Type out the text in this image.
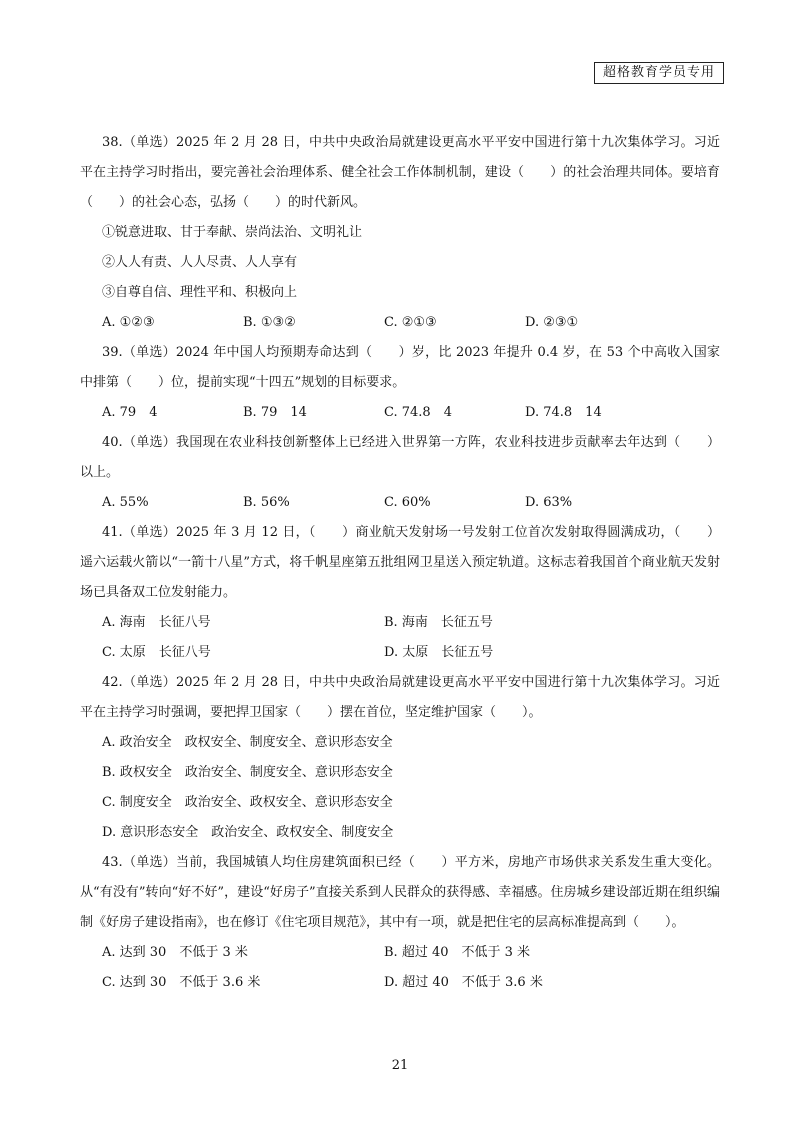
超格教育学员专用

38.（单选）2025 年 2 月 28 日，中共中央政治局就建设更高水平平安中国进行第十九次集体学习。习近平在主持学习时指出，要完善社会治理体系、健全社会工作体制机制，建设（　　）的社会治理共同体。要培育（　　）的社会心态，弘扬（　　）的时代新风。

①锐意进取、甘于奉献、崇尚法治、文明礼让

②人人有责、人人尽责、人人享有

③自尊自信、理性平和、积极向上

A. ①②③	B. ①③②	C. ②①③	D. ②③①

39.（单选）2024 年中国人均预期寿命达到（　　）岁，比 2023 年提升 0.4 岁，在 53 个中高收入国家中排第（　　）位，提前实现“十四五”规划的目标要求。

A. 79　4	B. 79　14	C. 74.8　4	D. 74.8　14

40.（单选）我国现在农业科技创新整体上已经进入世界第一方阵，农业科技进步贡献率去年达到（　　）以上。

A. 55%	B. 56%	C. 60%	D. 63%

41.（单选）2025 年 3 月 12 日，（　　）商业航天发射场一号发射工位首次发射取得圆满成功，（　　）遥六运载火箭以“一箭十八星”方式，将千帆星座第五批组网卫星送入预定轨道。这标志着我国首个商业航天发射场已具备双工位发射能力。

A. 海南　长征八号	B. 海南　长征五号
C. 太原　长征八号	D. 太原　长征五号

42.（单选）2025 年 2 月 28 日，中共中央政治局就建设更高水平平安中国进行第十九次集体学习。习近平在主持学习时强调，要把捍卫国家（　　）摆在首位，坚定维护国家（　　）。

A. 政治安全　政权安全、制度安全、意识形态安全

B. 政权安全　政治安全、制度安全、意识形态安全

C. 制度安全　政治安全、政权安全、意识形态安全

D. 意识形态安全　政治安全、政权安全、制度安全

43.（单选）当前，我国城镇人均住房建筑面积已经（　　）平方米，房地产市场供求关系发生重大变化。从“有没有”转向“好不好”，建设“好房子”直接关系到人民群众的获得感、幸福感。住房城乡建设部近期在组织编制《好房子建设指南》，也在修订《住宅项目规范》，其中有一项，就是把住宅的层高标准提高到（　　）。

A. 达到 30　不低于 3 米	B. 超过 40　不低于 3 米
C. 达到 30　不低于 3.6 米	D. 超过 40　不低于 3.6 米
21
